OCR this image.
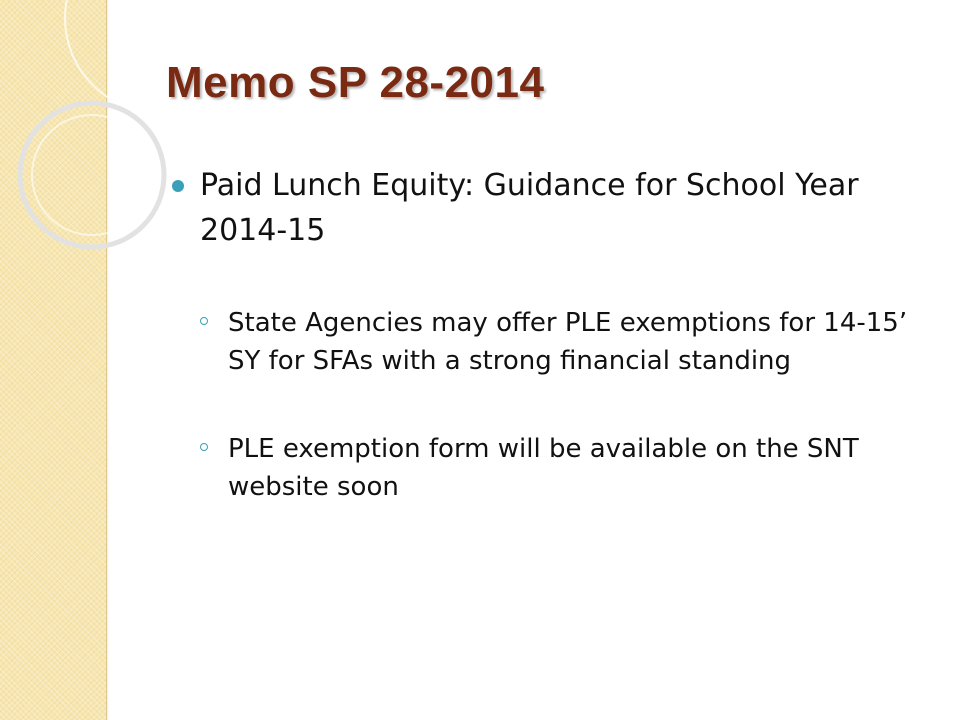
Memo SP 28-2014

Paid Lunch Equity: Guidance for School Year 2014-15

State Agencies may offer PLE exemptions for 14-15’ SY for SFAs with a strong financial standing

PLE exemption form will be available on the SNT website soon
